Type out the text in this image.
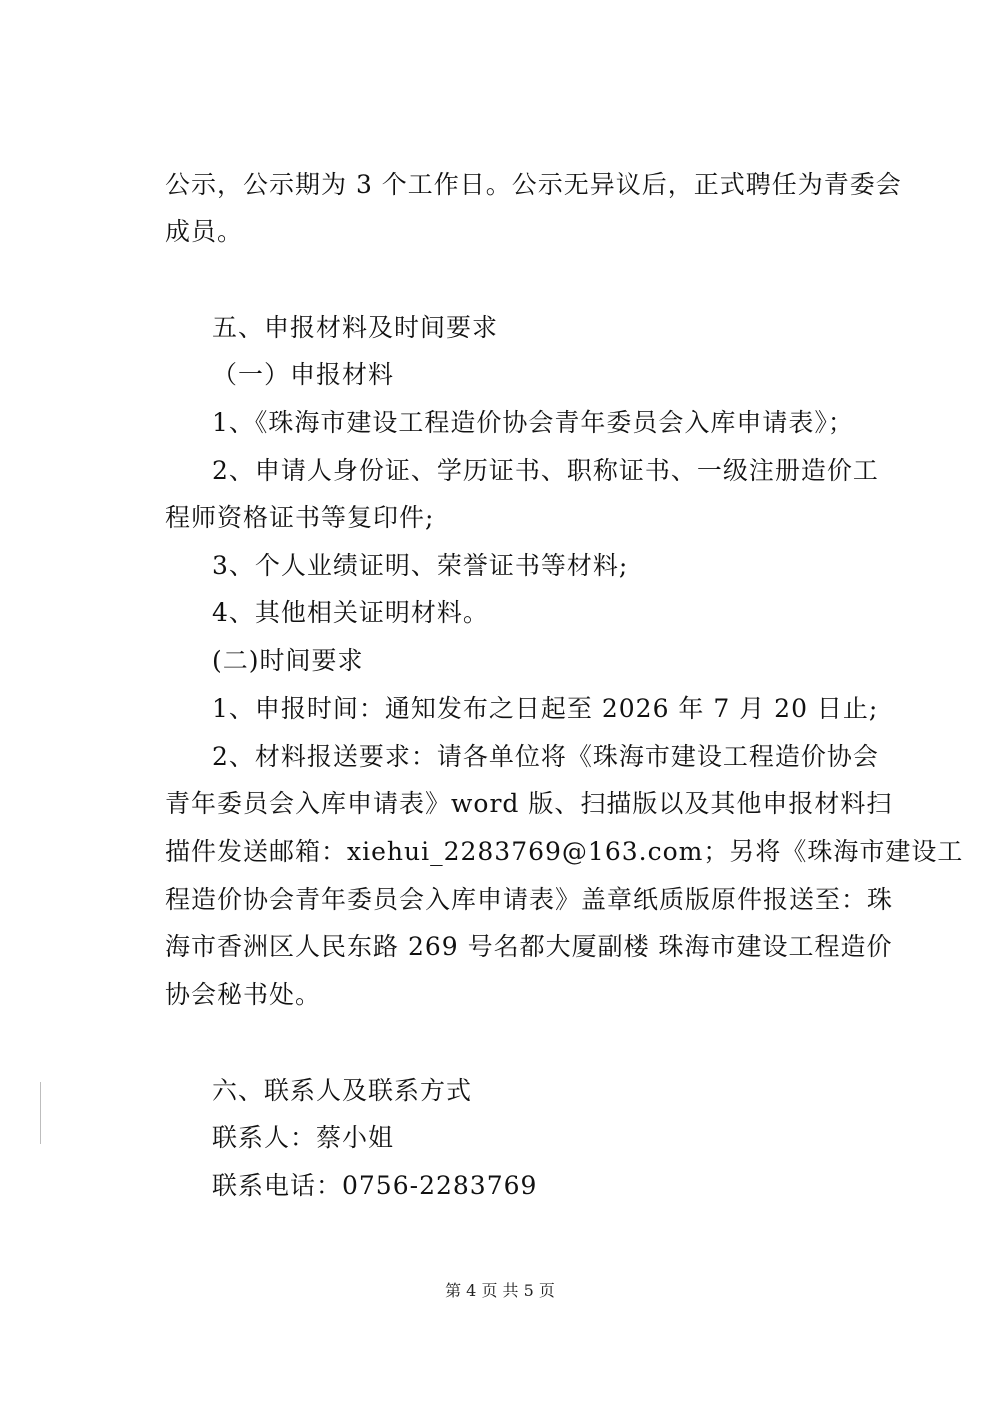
公示，公示期为 3 个工作日。公示无异议后，正式聘任为青委会
成员。
五、申报材料及时间要求
（一）申报材料
1、《珠海市建设工程造价协会青年委员会入库申请表》；
2、申请人身份证、学历证书、职称证书、一级注册造价工
程师资格证书等复印件;
3、个人业绩证明、荣誉证书等材料;
4、其他相关证明材料。
(二)时间要求
1、申报时间：通知发布之日起至 2026 年 7 月 20 日止;
2、材料报送要求：请各单位将《珠海市建设工程造价协会
青年委员会入库申请表》word 版、扫描版以及其他申报材料扫
描件发送邮箱：xiehui_2283769@163.com；另将《珠海市建设工
程造价协会青年委员会入库申请表》盖章纸质版原件报送至：珠
海市香洲区人民东路 269 号名都大厦副楼 珠海市建设工程造价
协会秘书处。
六、联系人及联系方式
联系人：蔡小姐
联系电话：0756-2283769
第 4 页 共 5 页
